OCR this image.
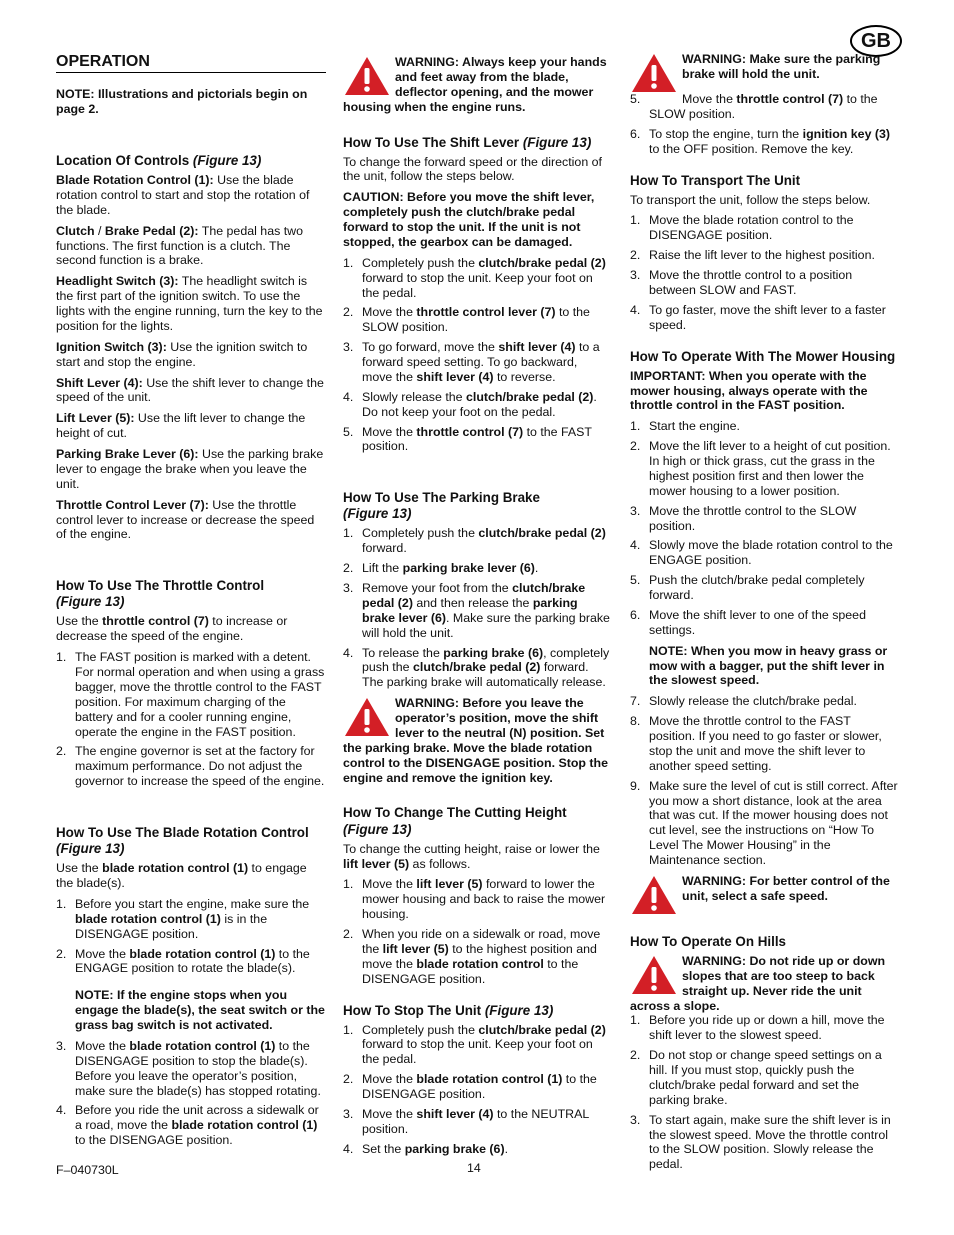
GB
OPERATION

NOTE: Illustrations and pictorials begin on page 2.

Location Of Controls (Figure 13)

Blade Rotation Control (1): Use the blade rotation control to start and stop the rotation of the blade.

Clutch / Brake Pedal (2): The pedal has two functions. The first function is a clutch. The second function is a brake.

Headlight Switch (3): The headlight switch is the first part of the ignition switch. To use the lights with the engine running, turn the key to the position for the lights.

Ignition Switch (3): Use the ignition switch to start and stop the engine.

Shift Lever (4): Use the shift lever to change the speed of the unit.

Lift Lever (5): Use the lift lever to change the height of cut.

Parking Brake Lever (6): Use the parking brake lever to engage the brake when you leave the unit.

Throttle Control Lever (7): Use the throttle control lever to increase or decrease the speed of the engine.

How To Use The Throttle Control
(Figure 13)

Use the throttle control (7) to increase or decrease the speed of the engine.

1. The FAST position is marked with a detent. For normal operation and when using a grass bagger, move the throttle control to the FAST position. For maximum charging of the battery and for a cooler running engine, operate the engine in the FAST position.
2. The engine governor is set at the factory for maximum performance. Do not adjust the governor to increase the speed of the engine.
How To Use The Blade Rotation Control
(Figure 13)

Use the blade rotation control (1) to engage the blade(s).

1. Before you start the engine, make sure the blade rotation control (1) is in the DISENGAGE position.
2. Move the blade rotation control (1) to the ENGAGE position to rotate the blade(s).

NOTE: If the engine stops when you engage the blade(s), the seat switch or the grass bag switch is not activated.

3. Move the blade rotation control (1) to the DISENGAGE position to stop the blade(s). Before you leave the operator’s position, make sure the blade(s) has stopped rotating.
4. Before you ride the unit across a sidewalk or a road, move the blade rotation control (1) to the DISENGAGE position.
WARNING: Always keep your hands and feet away from the blade, deflector opening, and the mower housing when the engine runs.
How To Use The Shift Lever (Figure 13)

To change the forward speed or the direction of the unit, follow the steps below.

CAUTION: Before you move the shift lever, completely push the clutch/brake pedal forward to stop the unit. If the unit is not stopped, the gearbox can be damaged.

1. Completely push the clutch/brake pedal (2) forward to stop the unit. Keep your foot on the pedal.
2. Move the throttle control lever (7) to the SLOW position.
3. To go forward, move the shift lever (4) to a forward speed setting. To go backward, move the shift lever (4) to reverse.
4. Slowly release the clutch/brake pedal (2). Do not keep your foot on the pedal.
5. Move the throttle control (7) to the FAST position.
How To Use The Parking Brake
(Figure 13)
1. Completely push the clutch/brake pedal (2) forward.
2. Lift the parking brake lever (6).
3. Remove your foot from the clutch/brake pedal (2) and then release the parking brake lever (6). Make sure the parking brake will hold the unit.
4. To release the parking brake (6), completely push the clutch/brake pedal (2) forward. The parking brake will automatically release.
WARNING: Before you leave the operator’s position, move the shift lever to the neutral (N) position. Set the parking brake. Move the blade rotation control to the DISENGAGE position. Stop the engine and remove the ignition key.
How To Change The Cutting Height
(Figure 13)

To change the cutting height, raise or lower the lift lever (5) as follows.

1. Move the lift lever (5) forward to lower the mower housing and back to raise the mower housing.
2. When you ride on a sidewalk or road, move the lift lever (5) to the highest position and move the blade rotation control to the DISENGAGE position.
How To Stop The Unit (Figure 13)
1. Completely push the clutch/brake pedal (2) forward to stop the unit. Keep your foot on the pedal.
2. Move the blade rotation control (1) to the DISENGAGE position.
3. Move the shift lever (4) to the NEUTRAL position.
4. Set the parking brake (6).
WARNING: Make sure the parking brake will hold the unit.
5.	Move the throttle control (7) to the SLOW position.
6. To stop the engine, turn the ignition key (3) to the OFF position. Remove the key.
How To Transport The Unit

To transport the unit, follow the steps below.

1. Move the blade rotation control to the DISENGAGE position.
2. Raise the lift lever to the highest position.
3. Move the throttle control to a position between SLOW and FAST.
4. To go faster, move the shift lever to a faster speed.
How To Operate With The Mower Housing

IMPORTANT: When you operate with the mower housing, always operate with the throttle control in the FAST position.

1. Start the engine.
2. Move the lift lever to a height of cut position. In high or thick grass, cut the grass in the highest position first and then lower the mower housing to a lower position.
3. Move the throttle control to the SLOW position.
4. Slowly move the blade rotation control to the ENGAGE position.
5. Push the clutch/brake pedal completely forward.
6. Move the shift lever to one of the speed settings.

NOTE: When you mow in heavy grass or mow with a bagger, put the shift lever in the slowest speed.

7. Slowly release the clutch/brake pedal.
8. Move the throttle control to the FAST position. If you need to go faster or slower, stop the unit and move the shift lever to another speed setting.
9. Make sure the level of cut is still correct. After you mow a short distance, look at the area that was cut. If the mower housing does not cut level, see the instructions on “How To Level The Mower Housing” in the Maintenance section.
WARNING: For better control of the unit, select a safe speed.
How To Operate On Hills
WARNING: Do not ride up or down slopes that are too steep to back straight up. Never ride the unit across a slope.
1. Before you ride up or down a hill, move the shift lever to the slowest speed.
2. Do not stop or change speed settings on a hill. If you must stop, quickly push the clutch/brake pedal forward and set the parking brake.
3. To start again, make sure the shift lever is in the slowest speed. Move the throttle control to the SLOW position. Slowly release the pedal.
F–040730L	14
